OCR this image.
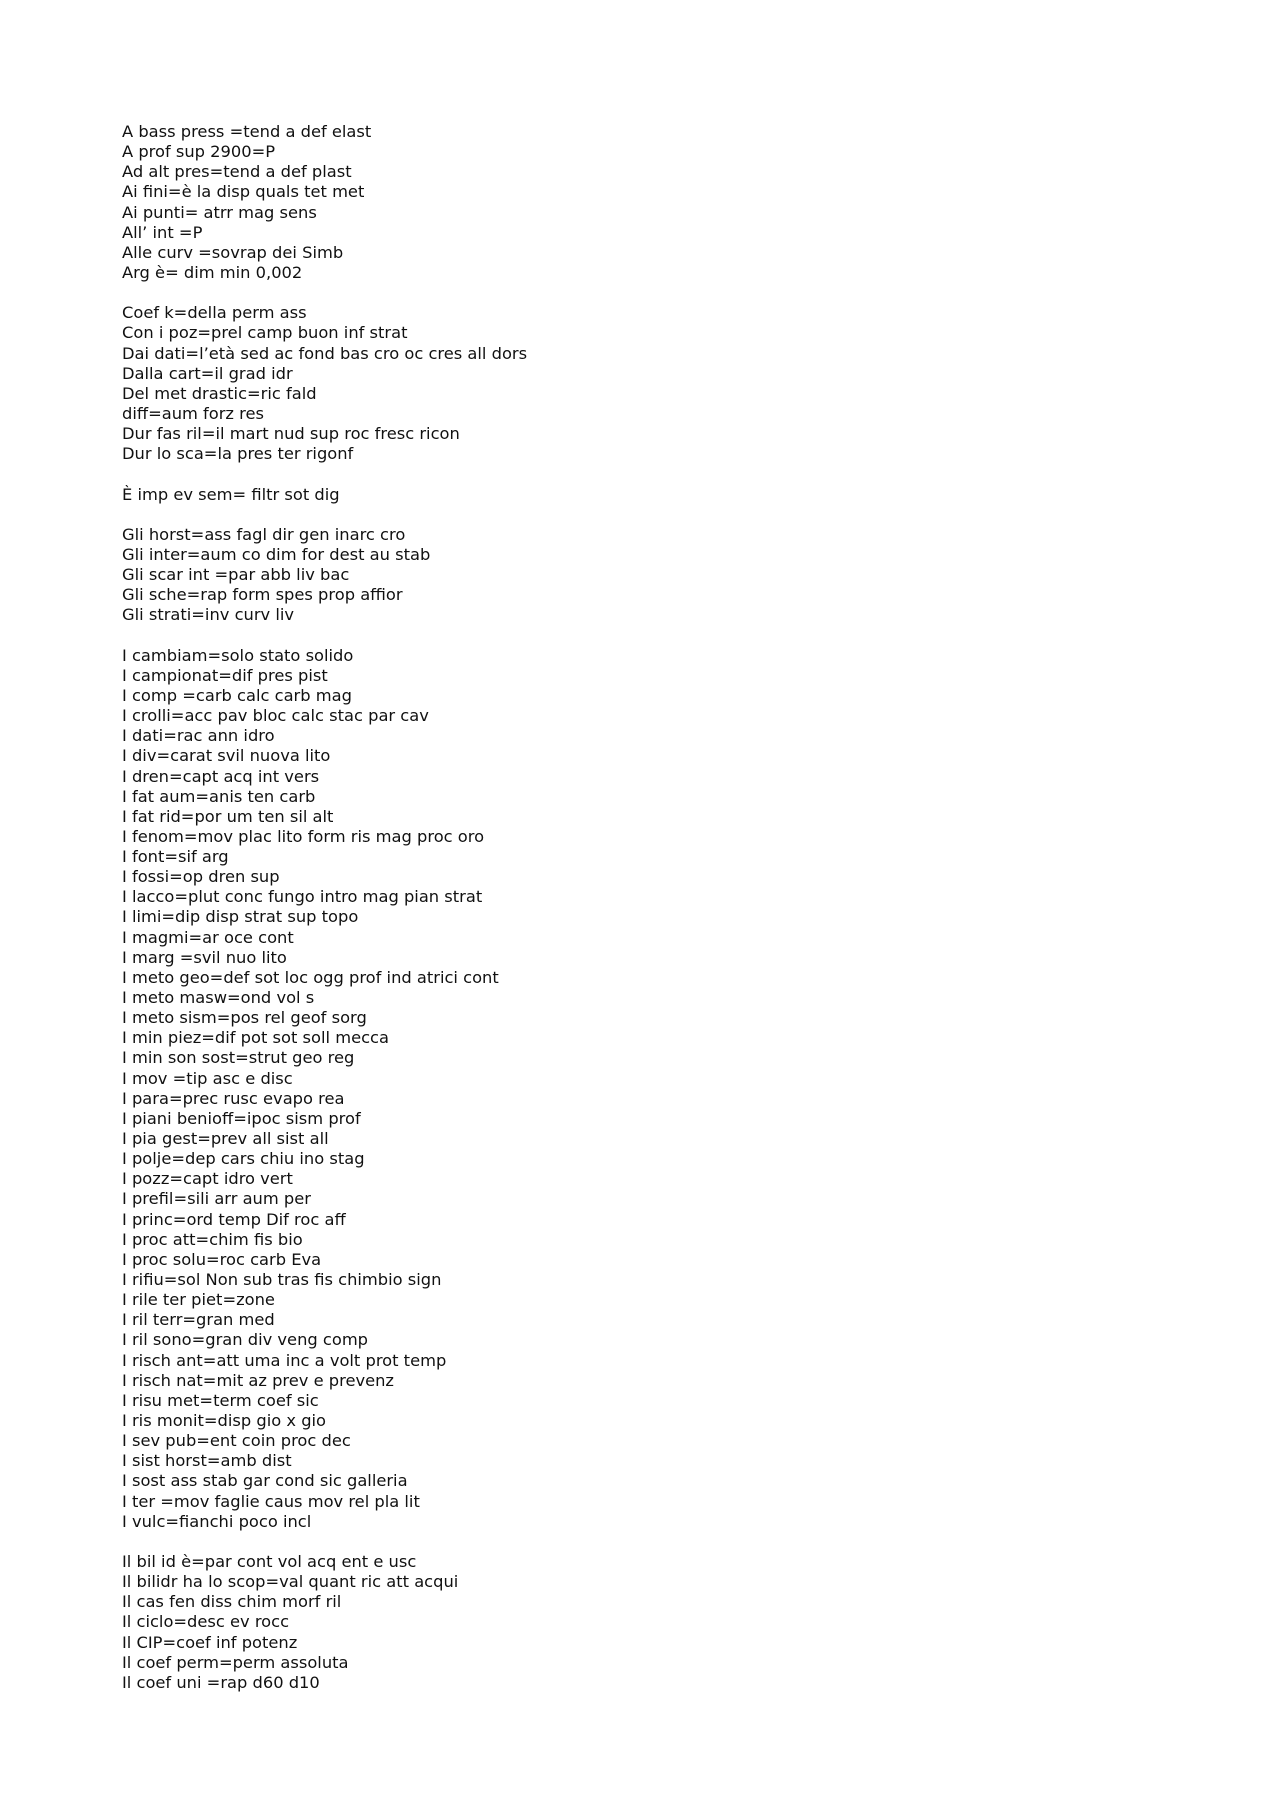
A bass press =tend a def elast
A prof sup 2900=P
Ad alt pres=tend a def plast
Ai fini=è la disp quals tet met
Ai punti= atrr mag sens
All’ int =P
Alle curv =sovrap dei Simb
Arg è= dim min 0,002
Coef k=della perm ass
Con i poz=prel camp buon inf strat
Dai dati=l’età sed ac fond bas cro oc cres all dors
Dalla cart=il grad idr
Del met drastic=ric fald
diff=aum forz res
Dur fas ril=il mart nud sup roc fresc ricon
Dur lo sca=la pres ter rigonf
È imp ev sem= filtr sot dig
Gli horst=ass fagl dir gen inarc cro
Gli inter=aum co dim for dest au stab
Gli scar int =par abb liv bac
Gli sche=rap form spes prop affior
Gli strati=inv curv liv
I cambiam=solo stato solido
I campionat=dif pres pist
I comp =carb calc carb mag
I crolli=acc pav bloc calc stac par cav
I dati=rac ann idro
I div=carat svil nuova lito
I dren=capt acq int vers
I fat aum=anis ten carb
I fat rid=por um ten sil alt
I fenom=mov plac lito form ris mag proc oro
I font=sif arg
I fossi=op dren sup
I lacco=plut conc fungo intro mag pian strat
I limi=dip disp strat sup topo
I magmi=ar oce cont
I marg =svil nuo lito
I meto geo=def sot loc ogg prof ind atrici cont
I meto masw=ond vol s
I meto sism=pos rel geof sorg
I min piez=dif pot sot soll mecca
I min son sost=strut geo reg
I mov =tip asc e disc
I para=prec rusc evapo rea
I piani benioff=ipoc sism prof
I pia gest=prev all sist all
I polje=dep cars chiu ino stag
I pozz=capt idro vert
I prefil=sili arr aum per
I princ=ord temp Dif roc aff
I proc att=chim fis bio
I proc solu=roc carb Eva
I rifiu=sol Non sub tras fis chimbio sign
I rile ter piet=zone
I ril terr=gran med
I ril sono=gran div veng comp
I risch ant=att uma inc a volt prot temp
I risch nat=mit az prev e prevenz
I risu met=term coef sic
I ris monit=disp gio x gio
I sev pub=ent coin proc dec
I sist horst=amb dist
I sost ass stab gar cond sic galleria
I ter =mov faglie caus mov rel pla lit
I vulc=fianchi poco incl
Il bil id è=par cont vol acq ent e usc
Il bilidr ha lo scop=val quant ric att acqui
Il cas fen diss chim morf ril
Il ciclo=desc ev rocc
Il CIP=coef inf potenz
Il coef perm=perm assoluta
Il coef uni =rap d60 d10
